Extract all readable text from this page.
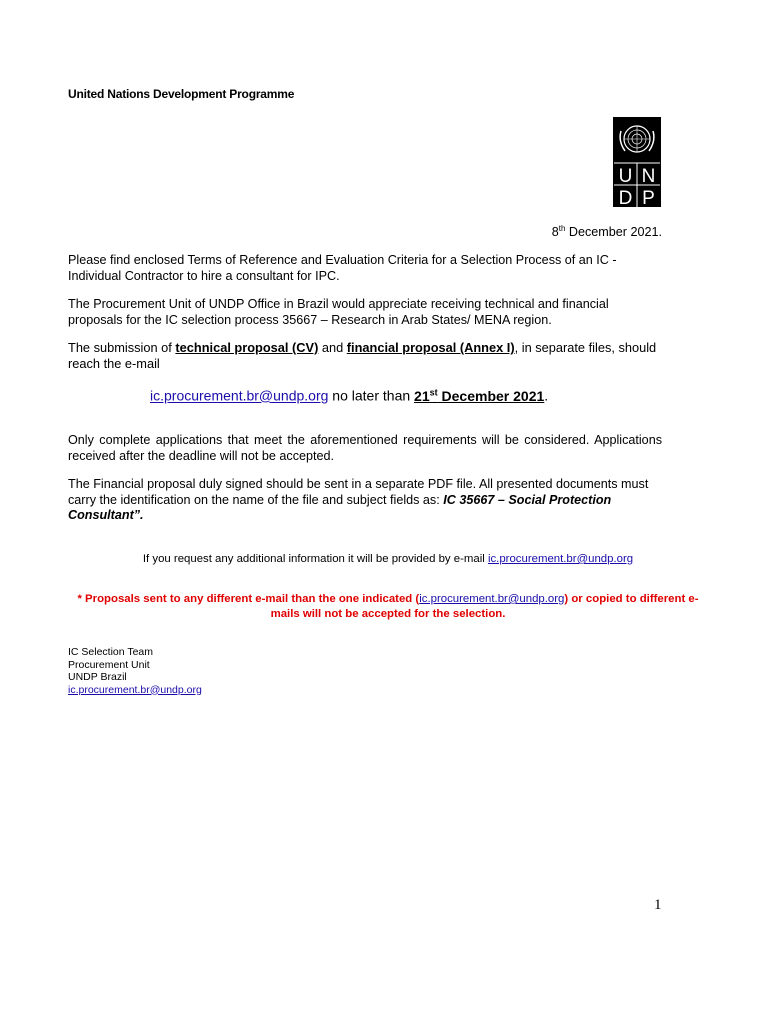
United Nations Development Programme
U N
D P
8th December 2021.
Please find enclosed Terms of Reference and Evaluation Criteria for a Selection Process of an IC - Individual Contractor to hire a consultant for IPC.
The Procurement Unit of UNDP Office in Brazil would appreciate receiving technical and financial proposals for the IC selection process 35667 – Research in Arab States/ MENA region.
The submission of technical proposal (CV) and financial proposal (Annex I), in separate files, should reach the e-mail
ic.procurement.br@undp.org no later than 21st December 2021.
Only complete applications that meet the aforementioned requirements will be considered. Applications received after the deadline will not be accepted.
The Financial proposal duly signed should be sent in a separate PDF file. All presented documents must carry the identification on the name of the file and subject fields as: IC 35667 – Social Protection Consultant”.
If you request any additional information it will be provided by e-mail ic.procurement.br@undp.org
* Proposals sent to any different e-mail than the one indicated (ic.procurement.br@undp.org) or copied to different e-mails will not be accepted for the selection.
IC Selection Team
Procurement Unit
UNDP Brazil
ic.procurement.br@undp.org
1
